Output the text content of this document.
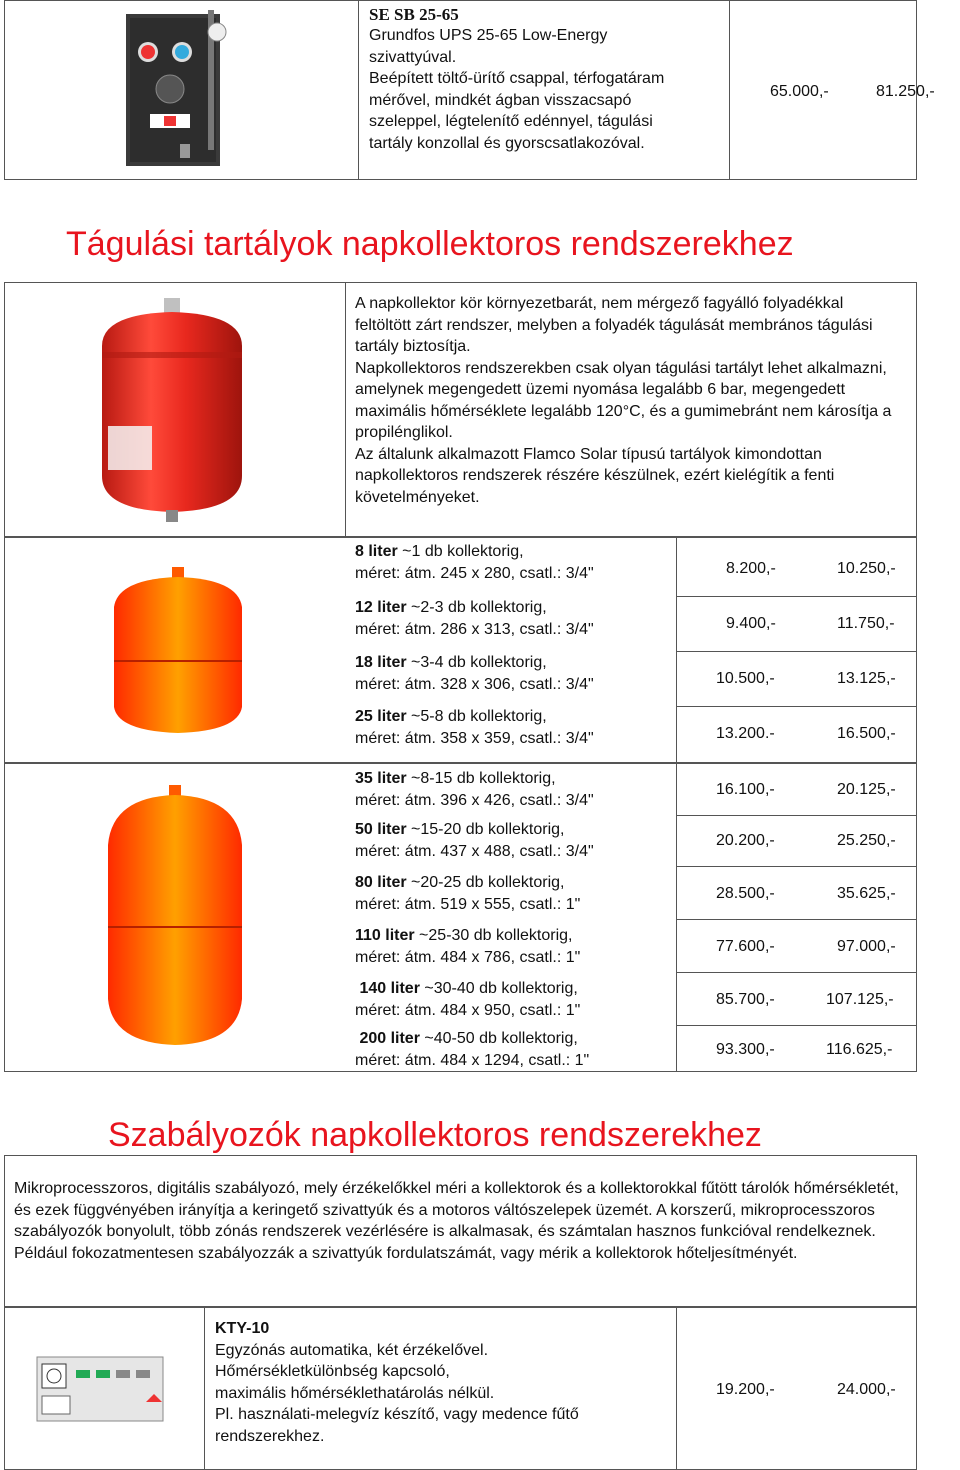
SE SB 25-65
Grundfos UPS 25-65 Low-Energy
szivattyúval.
Beépített töltő-ürítő csappal, térfogatáram
mérővel, mindkét ágban visszacsapó
szeleppel, légtelenítő edénnyel, tágulási
tartály konzollal és gyorscsatlakozóval.
65.000,-	81.250,-
Tágulási tartályok napkollektoros rendszerekhez
A napkollektor kör környezetbarát, nem mérgező fagyálló folyadékkal feltöltött zárt rendszer, melyben a folyadék tágulását membrános tágulási tartály biztosítja.
Napkollektoros rendszerekben csak olyan tágulási tartályt lehet alkalmazni, amelynek megengedett üzemi nyomása legalább 6 bar, megengedett maximális hőmérséklete legalább 120°C, és a gumimebránt nem károsítja a propilénglikol.
Az általunk alkalmazott Flamco Solar típusú tartályok kimondottan napkollektoros rendszerek részére készülnek, ezért kielégítik a fenti követelményeket.
8 liter ~1 db kollektorig,
méret: átm. 245 x 280, csatl.: 3/4"	8.200,-	10.250,-
12 liter ~2-3 db kollektorig,
méret: átm. 286 x 313, csatl.: 3/4"	9.400,-	11.750,-
18 liter ~3-4 db kollektorig,
méret: átm. 328 x 306, csatl.: 3/4"	10.500,-	13.125,-
25 liter ~5-8 db kollektorig,
méret: átm. 358 x 359, csatl.: 3/4"	13.200.-	16.500,-
35 liter ~8-15 db kollektorig,
méret: átm. 396 x 426, csatl.: 3/4"
16.100,-	20.125,-
50 liter ~15-20 db kollektorig,
méret: átm. 437 x 488, csatl.: 3/4"
20.200,-	25.250,-
80 liter ~20-25 db kollektorig,
méret: átm. 519 x 555, csatl.: 1"
28.500,-	35.625,-
110 liter ~25-30 db kollektorig,
méret: átm. 484 x 786, csatl.: 1"
77.600,-	97.000,-
140 liter ~30-40 db kollektorig,
méret: átm. 484 x 950, csatl.: 1"
85.700,-	107.125,-
200 liter ~40-50 db kollektorig,
méret: átm. 484 x 1294, csatl.: 1"
93.300,-	116.625,-
Szabályozók napkollektoros rendszerekhez
Mikroprocesszoros, digitális szabályozó, mely érzékelőkkel méri a kollektorok és a kollektorokkal fűtött tárolók hőmérsékletét, és ezek függvényében irányítja a keringető szivattyúk és a motoros váltószelepek üzemét. A korszerű, mikroprocesszoros szabályozók bonyolult, több zónás rendszerek vezérlésére is alkalmasak, és számtalan hasznos funkcióval rendelkeznek. Például fokozatmentesen szabályozzák a szivattyúk fordulatszámát, vagy mérik a kollektorok hőteljesítményét.
KTY-10
Egyzónás automatika, két érzékelővel.
Hőmérsékletkülönbség kapcsoló,
maximális hőmérséklethatárolás nélkül.
Pl. használati-melegvíz készítő, vagy medence fűtő
rendszerekhez.
19.200,-	24.000,-
